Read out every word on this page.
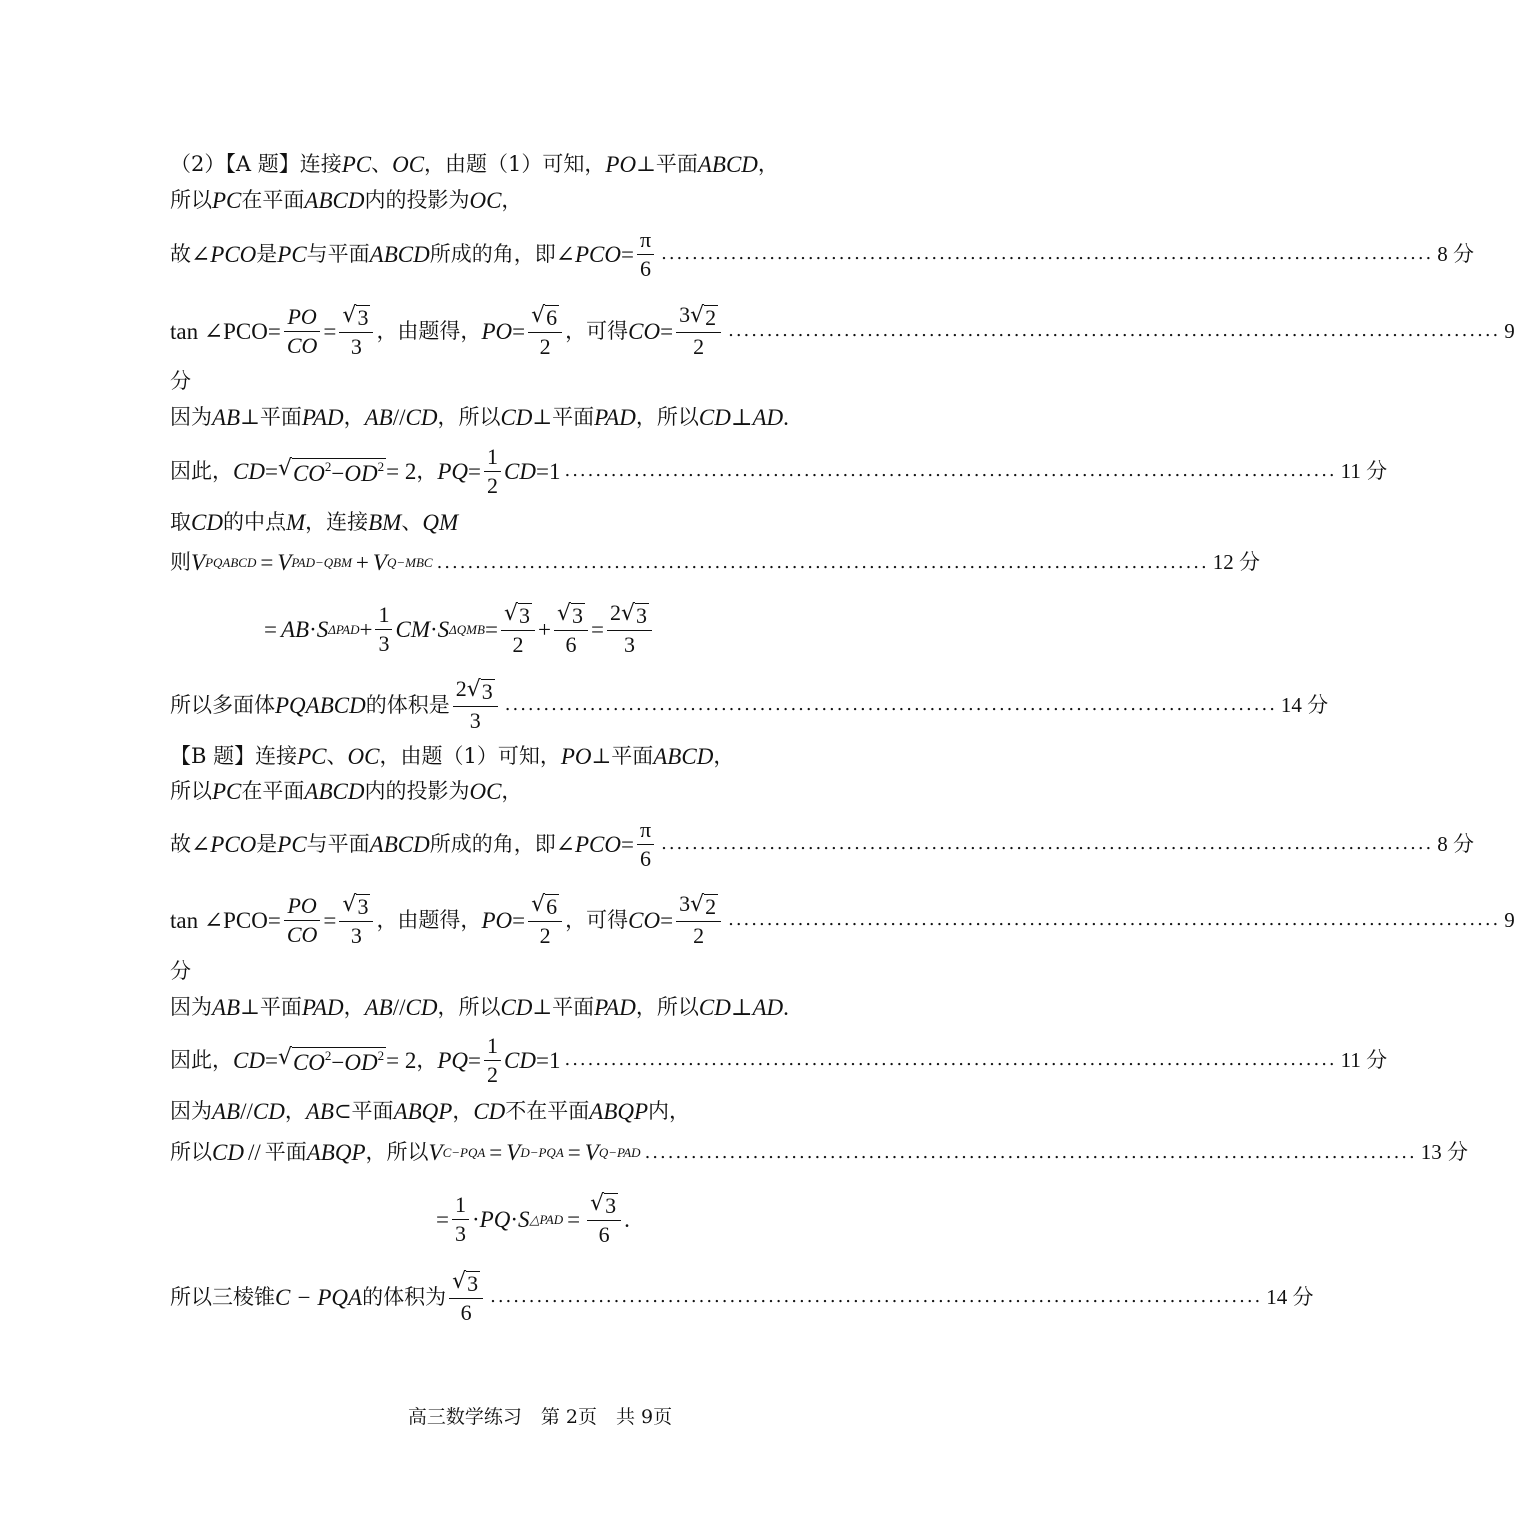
（2）【A 题】连接 PC 、 OC ，由题（1）可知， PO ⊥平面 ABCD ，
所以 PC 在平面 ABCD 内的投影为 OC ，
故 ∠PCO 是 PC 与平面 ABCD 所成的角，即 ∠PCO = $\frac{\pi}{6}$ .................................................................................................... 8 分
tan ∠PCO = $\frac{PO}{CO} = \frac{√ 3}{3}$ ，由题得， PO = $\frac{√ 6}{2}$ ，可得 CO = $\frac{3 √ 2}{2}$ .................................................................................................... 9
分
因为 AB ⊥平面 PAD ， AB // CD ，所以 CD ⊥平面 PAD ，所以 CD ⊥ AD .
因此， CD = √ $CO^2-OD^2 = 2$ ， PQ = $\frac{1}{2}$ CD =1 .................................................................................................... 11 分
取 CD 的中点 M ，连接 BM 、 QM
则 V PQABCD = V PAD−QBM + V Q−MBC .................................................................................................... 12 分
= AB · S $\Delta PAD + \frac{1}{3}$ CM · S $\Delta QMB = \frac{√ 3}{2} + \frac{√ 3}{6} = \frac{2 √ 3}{3}$
所以多面体 PQABCD 的体积是 $\frac{2 √ 3}{3}$ .................................................................................................... 14 分
【B 题】连接 PC 、 OC ，由题（1）可知， PO ⊥平面 ABCD ，
所以 PC 在平面 ABCD 内的投影为 OC ，
故 ∠PCO 是 PC 与平面 ABCD 所成的角，即 ∠PCO = $\frac{\pi}{6}$ .................................................................................................... 8 分
tan ∠PCO = $\frac{PO}{CO} = \frac{√ 3}{3}$ ，由题得， PO = $\frac{√ 6}{2}$ ，可得 CO = $\frac{3 √ 2}{2}$ .................................................................................................... 9
分
因为 AB ⊥平面 PAD ， AB // CD ，所以 CD ⊥平面 PAD ，所以 CD ⊥ AD .
因此， CD = √ $CO^2-OD^2 = 2$ ， PQ = $\frac{1}{2}$ CD =1 .................................................................................................... 11 分
因为 AB // CD ， AB ⊂平面 ABQP ， CD 不在平面 ABQP 内，
所以 CD // 平面 ABQP ，所以 V C−PQA = V D−PQA = V Q−PAD .................................................................................................... 13 分
= $\frac{1}{3}$ · PQ · S △PAD = $\frac{√ 3}{6}$ .
所以三棱锥 C − PQA 的体积为 $\frac{√ 3}{6}$ .................................................................................................... 14 分
高三数学练习　第 2页　共 9页
